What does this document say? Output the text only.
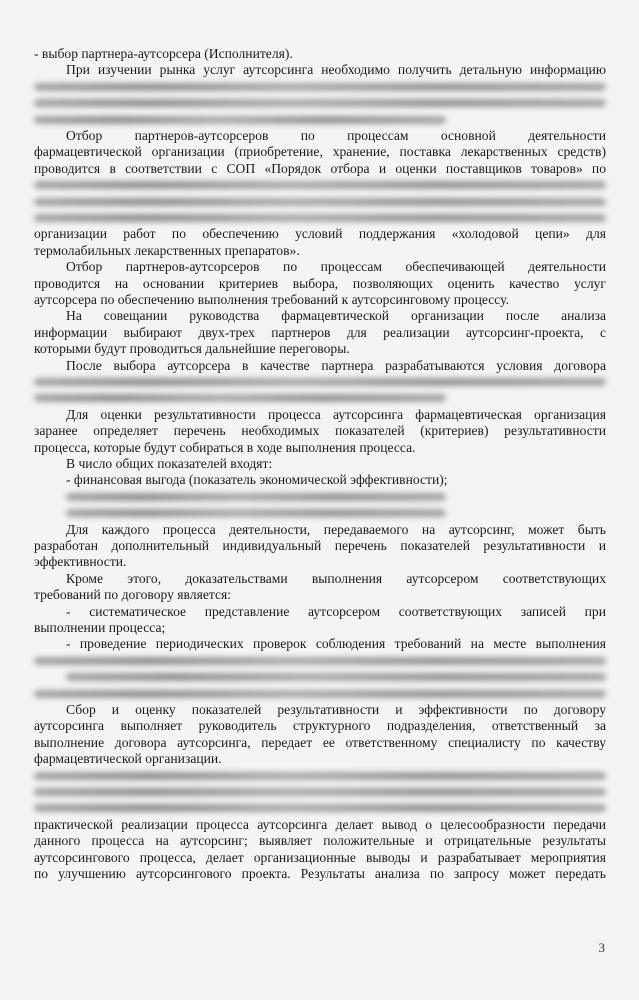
- выбор партнера-аутсорсера (Исполнителя).
При изучении рынка услуг аутсорсинга необходимо получить детальную информацию
Отбор партнеров-аутсорсеров по процессам основной деятельности
фармацевтической организации (приобретение, хранение, поставка лекарственных средств)
проводится в соответствии с СОП «Порядок отбора и оценки поставщиков товаров» по
организации работ по обеспечению условий поддержания «холодовой цепи» для
термолабильных лекарственных препаратов».
Отбор партнеров-аутсорсеров по процессам обеспечивающей деятельности
проводится на основании критериев выбора, позволяющих оценить качество услуг
аутсорсера по обеспечению выполнения требований к аутсорсинговому процессу.
На совещании руководства фармацевтической организации после анализа
информации выбирают двух-трех партнеров для реализации аутсорсинг-проекта, с
которыми будут проводиться дальнейшие переговоры.
После выбора аутсорсера в качестве партнера разрабатываются условия договора
Для оценки результативности процесса аутсорсинга фармацевтическая организация
заранее определяет перечень необходимых показателей (критериев) результативности
процесса, которые будут собираться в ходе выполнения процесса.
В число общих показателей входят:
- финансовая выгода (показатель экономической эффективности);
Для каждого процесса деятельности, передаваемого на аутсорсинг, может быть
разработан дополнительный индивидуальный перечень показателей результативности и
эффективности.
Кроме этого, доказательствами выполнения аутсорсером соответствующих
требований по договору является:
- систематическое представление аутсорсером соответствующих записей при
выполнении процесса;
- проведение периодических проверок соблюдения требований на месте выполнения
Сбор и оценку показателей результативности и эффективности по договору
аутсорсинга выполняет руководитель структурного подразделения, ответственный за
выполнение договора аутсорсинга, передает ее ответственному специалисту по качеству
фармацевтической организации.
практической реализации процесса аутсорсинга делает вывод о целесообразности передачи
данного процесса на аутсорсинг; выявляет положительные и отрицательные результаты
аутсорсингового процесса, делает организационные выводы и разрабатывает мероприятия
по улучшению аутсорсингового проекта. Результаты анализа по запросу может передать
3
